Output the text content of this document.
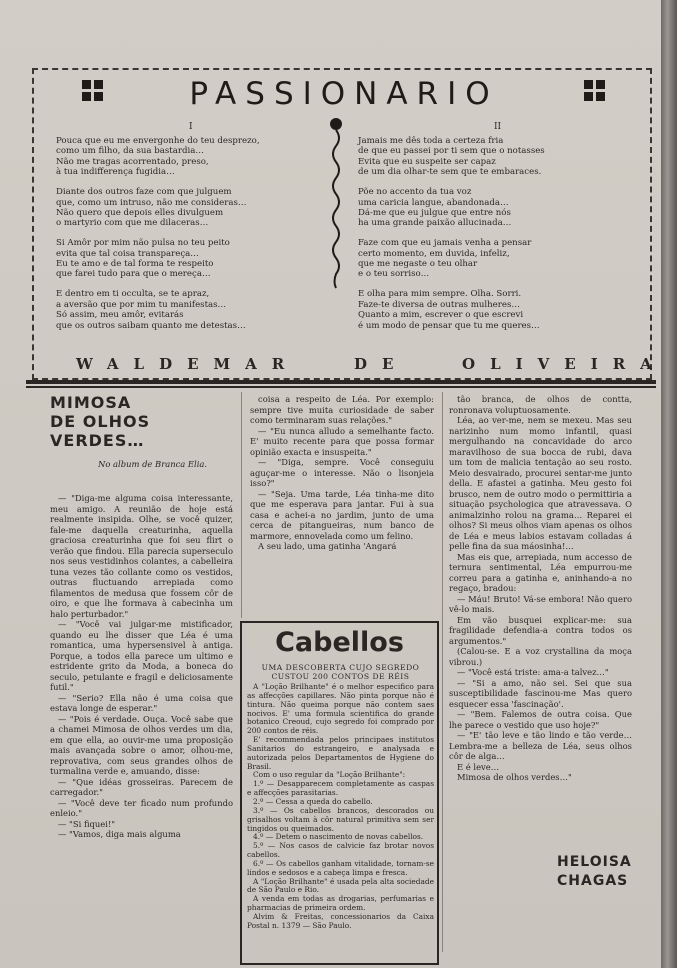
PASSIONARIO
I	II
Pouca que eu me envergonhe do teu desprezo,
como um filho, da sua bastardia…
Não me tragas acorrentado, preso,
à tua indifferença fugidia…
Diante dos outros faze com que julguem
que, como um intruso, não me consideras…
Não quero que depois elles divulguem
o martyrio com que me dilaceras…
Si Amôr por mim não pulsa no teu peito
evita que tal coisa transpareça…
Eu te amo e de tal forma te respeito
que farei tudo para que o mereça…
E dentro em ti occulta, se te apraz,
a aversão que por mim tu manifestas…
Só assim, meu amôr, evitarás
que os outros saibam quanto me detestas…
Jamais me dês toda a certeza fria
de que eu passei por ti sem que o notasses
Evita que eu suspeite ser capaz
de um dia olhar-te sem que te embaraces.
Põe no accento da tua voz
uma caricia langue, abandonada…
Dá-me que eu julgue que entre nós
ha uma grande paixão allucinada…
Faze com que eu jamais venha a pensar
certo momento, em duvida, infeliz,
que me negaste o teu olhar
e o teu sorriso…
E olha para mim sempre. Olha. Sorri.
Faze-te diversa de outras mulheres…
Quanto a mim, escrever o que escrevi
é um modo de pensar que tu me queres…
WALDEMAR	DE	OLIVEIRA
MIMOSA
DE OLHOS
VERDES…
No album de Branca Elia.

— "Diga-me alguma coisa interessante, meu amigo. A reunião de hoje está realmente insipida. Olhe, se você quizer, fale-me daquella creaturinha, aquella graciosa creaturinha que foi seu flirt o verão que findou. Ella parecia superseculo nos seus vestidinhos colantes, a cabelleira tuna vezes tão collante como os vestidos, outras fluctuando arrepiada como filamentos de medusa que fossem côr de oiro, e que lhe formava à cabecinha um halo perturbador."

— "Você vai julgar-me mistificador, quando eu lhe disser que Léa é uma romantica, uma hypersensivel à antiga. Porque, a todos ella parece um ultimo e estridente grito da Moda, a boneca do seculo, petulante e fragil e deliciosamente futil."

— "Serio? Ella não é uma coisa que estava longe de esperar."

— "Pois é verdade. Ouça. Você sabe que a chamei Mimosa de olhos verdes um dia, em que ella, ao ouvir-me uma proposição mais avançada sobre o amor, olhou-me, reprovativa, com seus grandes olhos de turmalina verde e, amuando, disse:

— "Que idéas grosseiras. Parecem de carregador."

— "Você deve ter ficado num profundo enleio."

— "Si fiquei!"

— "Vamos, diga mais alguma

coisa a respeito de Léa. Por exemplo: sempre tive muita curiosidade de saber como terminaram suas relações."

— "Eu nunca alludo a semelhante facto. E' muito recente para que possa formar opinião exacta e insuspeita."

— "Diga, sempre. Você conseguiu aguçar-me o interesse. Não o lisonjeia isso?"

— "Seja. Uma tarde, Léa tinha-me dito que me esperava para jantar. Fui à sua casa e achei-a no jardim, junto de uma cerca de pitangueiras, num banco de marmore, ennovelada como um felino.

A seu lado, uma gatinha 'Angará

tão branca, de olhos de contta, ronronava voluptuosamente.

Léa, ao ver-me, nem se mexeu. Mas seu narizinho num momo infantil, quasi mergulhando na concavidade do arco maravilhoso de sua bocca de rubi, dava um tom de malicia tentação ao seu rosto. Meio desvairado, procurei sentar-me junto della. E afastei a gatinha. Meu gesto foi brusco, nem de outro modo o permittiria a situação psychologica que atravessava. O animalzinho rolou na grama… Reparei ei olhos? Si meus olhos viam apenas os olhos de Léa e meus labios estavam colladas á pelle fina da sua máosinha!…

Mas eis que, arrepiada, num accesso de ternura sentimental, Léa empurrou-me correu para a gatinha e, aninhando-a no regaço, bradou:

— Máu! Bruto! Vá-se embora! Não quero vê-lo mais.

Em vão busquei explicar-me: sua fragilidade defendia-a contra todos os argumentos."

(Calou-se. E a voz crystallina da moça vibrou.)

— "Você está triste: ama-a talvez…"

— "Si a amo, não sei. Sei que sua susceptibilidade fascinou-me Mas quero esquecer essa 'fascinação'.

— "Bem. Falemos de outra coisa. Que lhe parece o vestido que uso hoje?"

— "E' tão leve e tão lindo e tão verde… Lembra-me a belleza de Léa, seus olhos côr de alga…

E é leve…

Mimosa de olhos verdes…"

HELOISA
CHAGAS
Cabellos
UMA DESCOBERTA CUJO SEGREDO CUSTOU 200 CONTOS DE RÉIS

A "Loção Brilhante" é o melhor especifico para as affecções capillares. Não pinta porque não é tintura. Não queima porque não contem saes nocivos. E' uma formula scientifica do grande botanico Creoud, cujo segredo foi comprado por 200 contos de réis.

E' recommendada pelos principaes institutos Sanitarios do estrangeiro, e analysada e autorizada pelos Departamentos de Hygiene do Brasil.

Com o uso regular da "Loção Brilhante":

1.º — Desapparecem completamente as caspas e affecções parasitarias.

2.º — Cessa a queda do cabello.

3.º — Os cabellos brancos, descorados ou grisalhos voltam à côr natural primitiva sem ser tingidos ou queimados.

4.º — Detem o nascimento de novas cabellos.

5.º — Nos casos de calvicie faz brotar novos cabellos.

6.º — Os cabellos ganham vitalidade, tornam-se lindos e sedosos e a cabeça limpa e fresca.

A "Loção Brilhante" é usada pela alta sociedade de São Paulo e Rio.

A venda em todas as drogarias, perfumarias e pharmacias de primeira ordem.

Alvim & Freitas, concessionarios da Caixa Postal n. 1379 — São Paulo.
